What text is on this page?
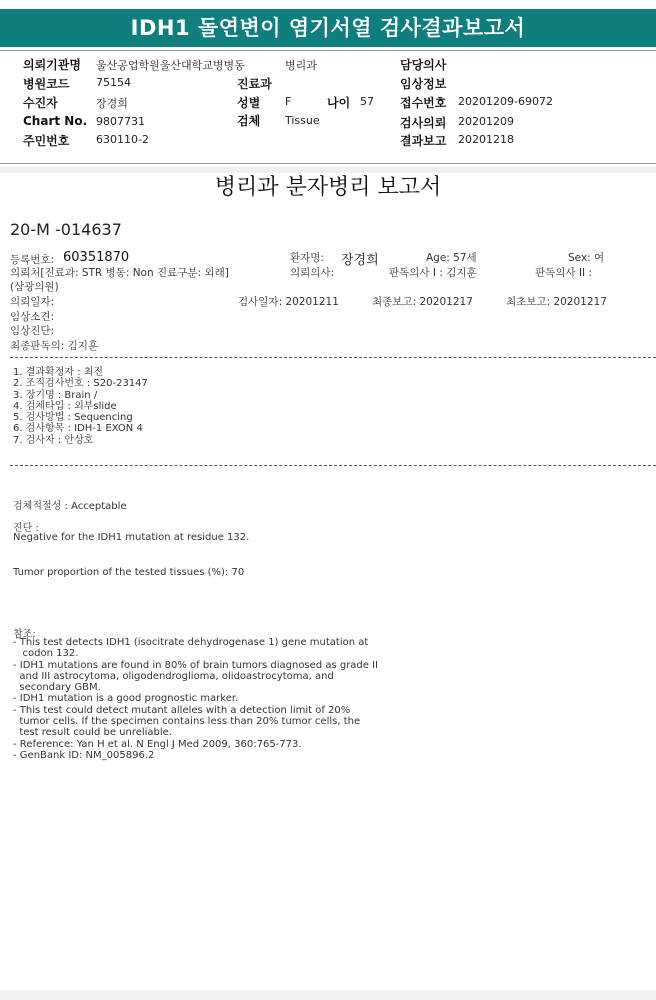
IDH1 돌연변이 염기서열 검사결과보고서
의뢰기관명 울산공업학원울산대학교병병동	병리과	담당의사
병원코드 75154	진료과	임상정보
수진자	장경희	성별 F	나이 57 접수번호 20201209-69072
Chart No. 9807731	검체 Tissue	검사의뢰 20201209
주민번호 630110-2	결과보고 20201218
병리과 분자병리 보고서
20-M -014637
등록번호: 60351870	환자명: 장경희	Age: 57세	Sex: 여
의뢰처[진료과: STR 병동: Non 진료구분: 외래]	의뢰의사:	판독의사 I : 김지훈	판독의사 II :
(삼광의원)
의뢰일자:	검사일자: 20201211	최종보고: 20201217	최초보고: 20201217
임상소견:
임상진단:
최종판독의: 김지훈
1. 결과확정자 : 최진
2. 조직검사번호 : S20-23147
3. 장기명 : Brain /
4. 검체타입 : 외부slide
5. 검사방법 : Sequencing
6. 검사항목 : IDH-1 EXON 4
7. 검사자 : 안상호
검체적절성 : Acceptable
진단 :
Negative for the IDH1 mutation at residue 132.
Tumor proportion of the tested tissues (%): 70
참조:
- This test detects IDH1 (isocitrate dehydrogenase 1) gene mutation at
codon 132.
- IDH1 mutations are found in 80% of brain tumors diagnosed as grade II
and III astrocytoma, oligodendroglioma, olidoastrocytoma, and
secondary GBM.
- IDH1 mutation is a good prognostic marker.
- This test could detect mutant alleles with a detection limit of 20%
tumor cells. If the specimen contains less than 20% tumor cells, the
test result could be unreliable.
- Reference: Yan H et al. N Engl J Med 2009, 360:765-773.
- GenBank ID: NM_005896.2
